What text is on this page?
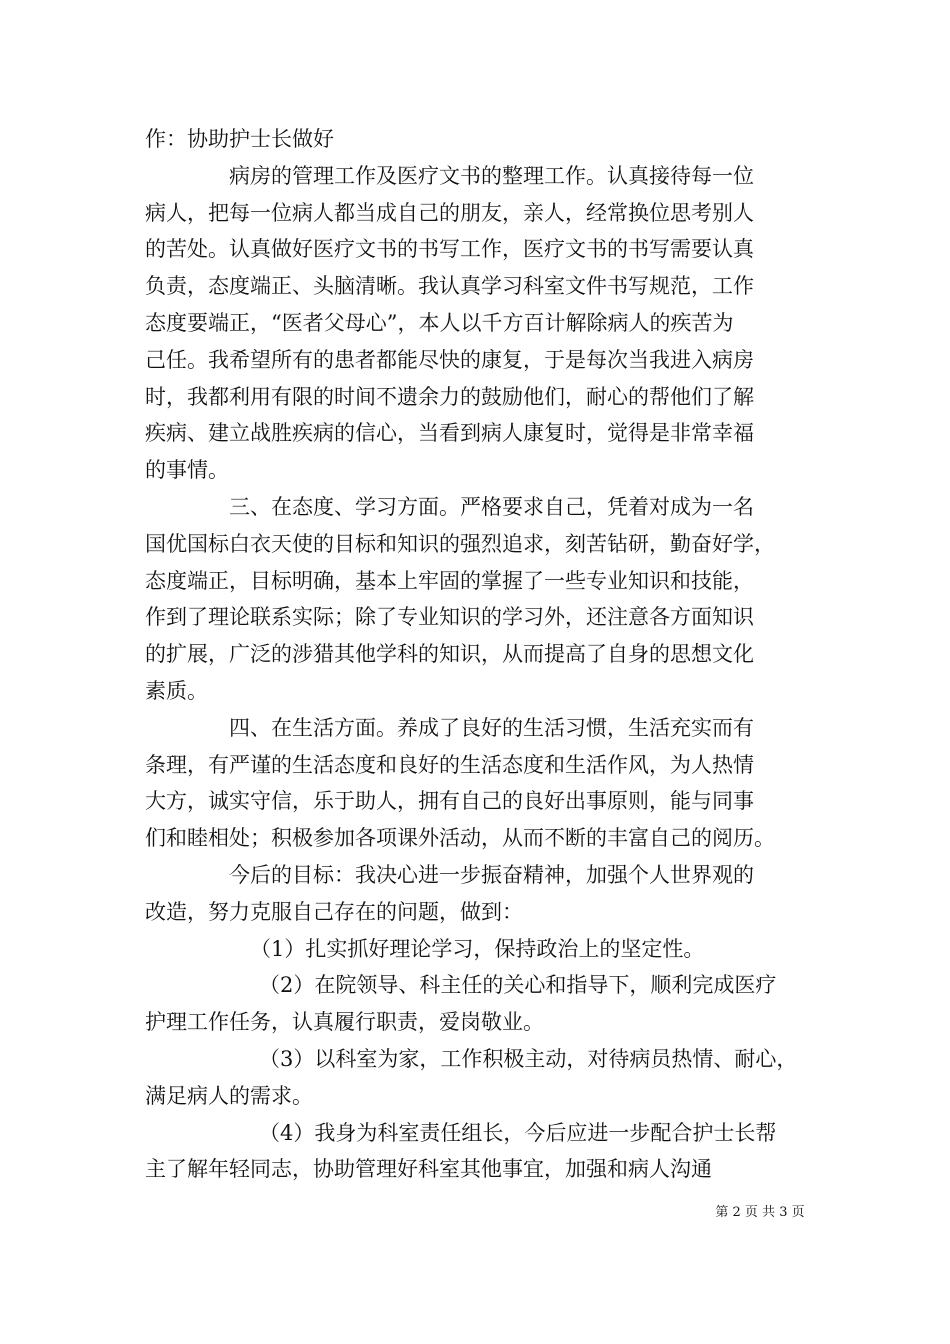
作：协助护士长做好
病房的管理工作及医疗文书的整理工作。认真接待每一位
病人，把每一位病人都当成自己的朋友，亲人，经常换位思考别人
的苦处。认真做好医疗文书的书写工作，医疗文书的书写需要认真
负责，态度端正、头脑清晰。我认真学习科室文件书写规范，工作
态度要端正，“医者父母心”，本人以千方百计解除病人的疾苦为
己任。我希望所有的患者都能尽快的康复，于是每次当我进入病房
时，我都利用有限的时间不遗余力的鼓励他们，耐心的帮他们了解
疾病、建立战胜疾病的信心，当看到病人康复时，觉得是非常幸福
的事情。
三、在态度、学习方面。严格要求自己，凭着对成为一名
国优国标白衣天使的目标和知识的强烈追求，刻苦钻研，勤奋好学，
态度端正，目标明确，基本上牢固的掌握了一些专业知识和技能，
作到了理论联系实际；除了专业知识的学习外，还注意各方面知识
的扩展，广泛的涉猎其他学科的知识，从而提高了自身的思想文化
素质。
四、在生活方面。养成了良好的生活习惯，生活充实而有
条理，有严谨的生活态度和良好的生活态度和生活作风，为人热情
大方，诚实守信，乐于助人，拥有自己的良好出事原则，能与同事
们和睦相处；积极参加各项课外活动，从而不断的丰富自己的阅历。
今后的目标：我决心进一步振奋精神，加强个人世界观的
改造，努力克服自己存在的问题，做到：
（1）扎实抓好理论学习，保持政治上的坚定性。
（2）在院领导、科主任的关心和指导下，顺利完成医疗
护理工作任务，认真履行职责，爱岗敬业。
（3）以科室为家，工作积极主动，对待病员热情、耐心，
满足病人的需求。
（4）我身为科室责任组长，今后应进一步配合护士长帮
主了解年轻同志，协助管理好科室其他事宜，加强和病人沟通
第 2 页 共 3 页
